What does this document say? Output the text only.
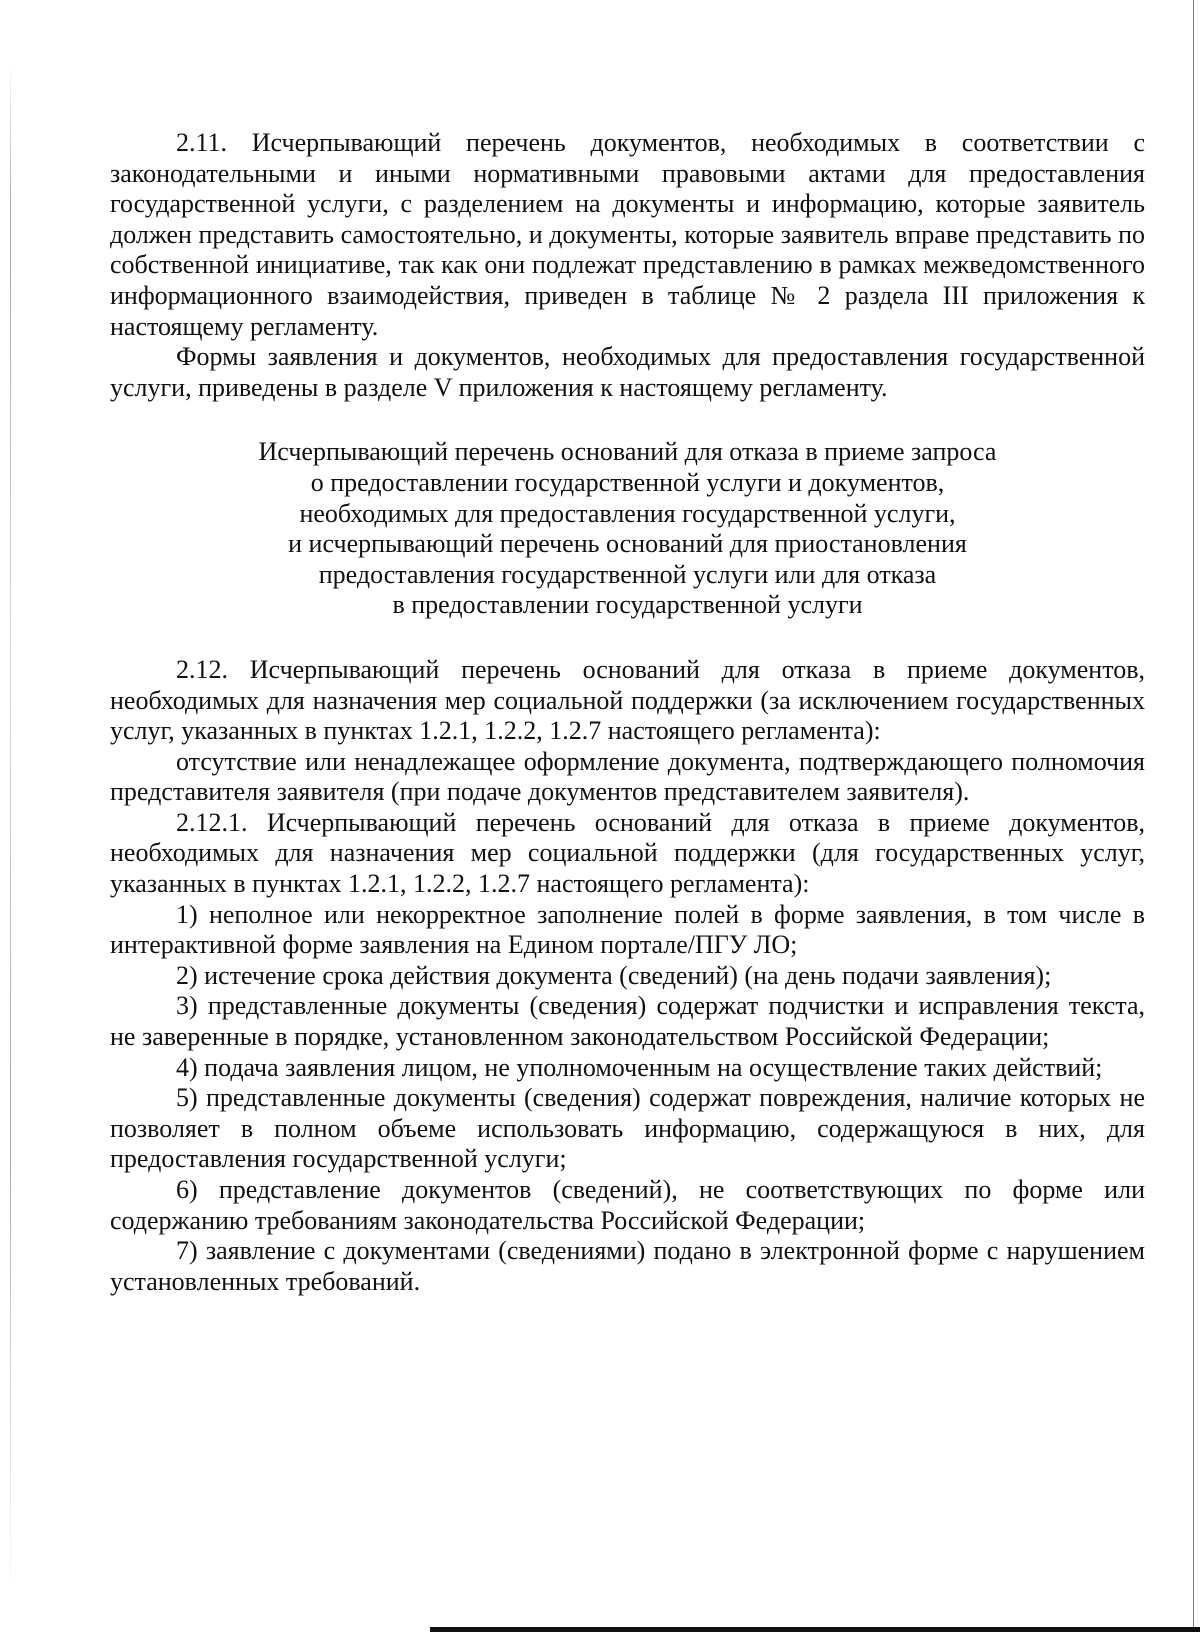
2.11. Исчерпывающий перечень документов, необходимых в соответствии с законодательными и иными нормативными правовыми актами для предоставления государственной услуги, с разделением на документы и информацию, которые заявитель должен представить самостоятельно, и документы, которые заявитель вправе представить по собственной инициативе, так как они подлежат представлению в рамках межведомственного информационного взаимодействия, приведен в таблице № 2 раздела III приложения к настоящему регламенту.

Формы заявления и документов, необходимых для предоставления государственной услуги, приведены в разделе V приложения к настоящему регламенту.

Исчерпывающий перечень оснований для отказа в приеме запроса

о предоставлении государственной услуги и документов,

необходимых для предоставления государственной услуги,

и исчерпывающий перечень оснований для приостановления

предоставления государственной услуги или для отказа

в предоставлении государственной услуги

2.12. Исчерпывающий перечень оснований для отказа в приеме документов, необходимых для назначения мер социальной поддержки (за исключением государственных услуг, указанных в пунктах 1.2.1, 1.2.2, 1.2.7 настоящего регламента):

отсутствие или ненадлежащее оформление документа, подтверждающего полномочия представителя заявителя (при подаче документов представителем заявителя).

2.12.1. Исчерпывающий перечень оснований для отказа в приеме документов, необходимых для назначения мер социальной поддержки (для государственных услуг, указанных в пунктах 1.2.1, 1.2.2, 1.2.7 настоящего регламента):

1) неполное или некорректное заполнение полей в форме заявления, в том числе в интерактивной форме заявления на Едином портале/ПГУ ЛО;

2) истечение срока действия документа (сведений) (на день подачи заявления);

3) представленные документы (сведения) содержат подчистки и исправления текста, не заверенные в порядке, установленном законодательством Российской Федерации;

4) подача заявления лицом, не уполномоченным на осуществление таких действий;

5) представленные документы (сведения) содержат повреждения, наличие которых не позволяет в полном объеме использовать информацию, содержащуюся в них, для предоставления государственной услуги;

6) представление документов (сведений), не соответствующих по форме или содержанию требованиям законодательства Российской Федерации;

7) заявление с документами (сведениями) подано в электронной форме с нарушением установленных требований.
